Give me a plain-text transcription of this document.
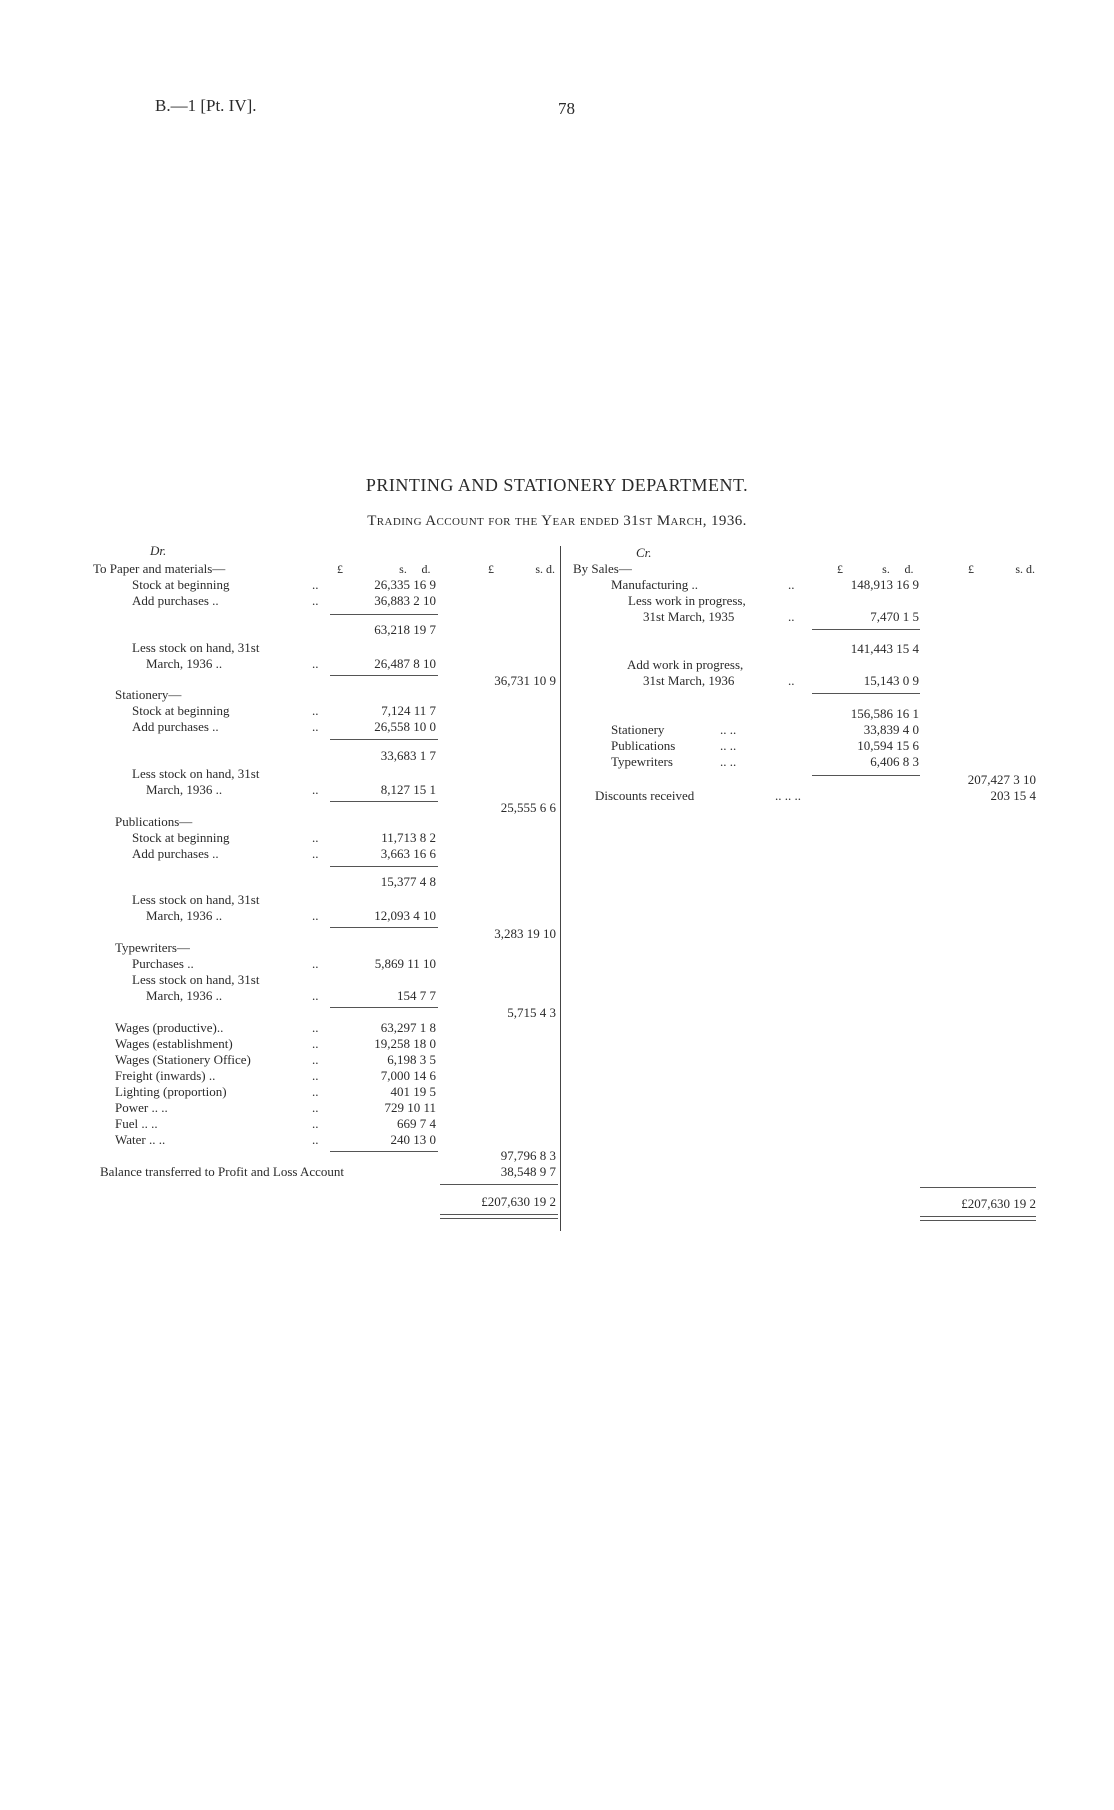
B.—1 [Pt. IV].	78
PRINTING AND STATIONERY DEPARTMENT.
Trading Account for the Year ended 31st March, 1936.
Dr.
£	s.	d.	£	s. d.
To Paper and materials—
Stock at beginning	..	26,335 16 9
Add purchases ..	..	36,883 2 10
63,218 19 7
Less stock on hand, 31st
March, 1936 ..	..	26,487 8 10
36,731 10 9
Stationery—
Stock at beginning	..	7,124 11 7
Add purchases ..	..	26,558 10 0
33,683 1 7
Less stock on hand, 31st
March, 1936 ..	..	8,127 15 1
25,555 6 6
Publications—
Stock at beginning	..	11,713 8 2
Add purchases ..	..	3,663 16 6
15,377 4 8
Less stock on hand, 31st
March, 1936 ..	..	12,093 4 10
3,283 19 10
Typewriters—
Purchases ..	..	5,869 11 10
Less stock on hand, 31st
March, 1936 ..	..	154 7 7
5,715 4 3
Wages (productive)..	..	63,297 1 8
Wages (establishment)	..	19,258 18 0
Wages (Stationery Office)	..	6,198 3 5
Freight (inwards) ..	..	7,000 14 6
Lighting (proportion)	..	401 19 5
Power .. ..	..	729 10 11
Fuel .. ..	..	669 7 4
Water .. ..	..	240 13 0
97,796 8 3
Balance transferred to Profit and Loss Account	38,548 9 7
£207,630 19 2
Cr.
By Sales—	£	s.	d.	£	s. d.
Manufacturing ..	..	148,913 16 9
Less work in progress,
31st March, 1935	..	7,470 1 5
141,443 15 4
Add work in progress,
31st March, 1936	..	15,143 0 9
156,586 16 1
Stationery	.. ..	33,839 4 0
Publications	.. ..	10,594 15 6
Typewriters	.. ..	6,406 8 3
207,427 3 10
Discounts received	.. .. ..	203 15 4
£207,630 19 2
